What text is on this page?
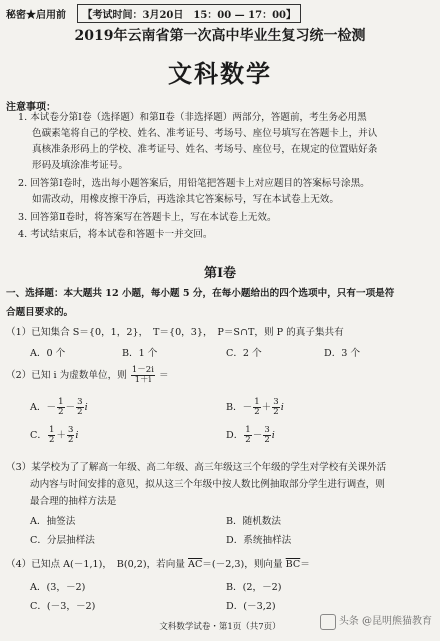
秘密★启用前 【考试时间：3月20日　15：00 — 17：00】
2019年云南省第一次高中毕业生复习统一检测
文科数学
注意事项：
1. 本试卷分第Ⅰ卷（选择题）和第Ⅱ卷（非选择题）两部分，答题前，考生务必用黑
色碳素笔将自己的学校、姓名、准考证号、考场号、座位号填写在答题卡上，并认
真核准条形码上的学校、准考证号、姓名、考场号、座位号，在规定的位置贴好条
形码及填涂准考证号。
2. 回答第Ⅰ卷时，选出每小题答案后，用铅笔把答题卡上对应题目的答案标号涂黑。
如需改动，用橡皮擦干净后，再选涂其它答案标号，写在本试卷上无效。
3. 回答第Ⅱ卷时，将答案写在答题卡上，写在本试卷上无效。
4. 考试结束后，将本试卷和答题卡一并交回。
第Ⅰ卷
一、选择题：本大题共 12 小题，每小题 5 分，在每小题给出的四个选项中，只有一项是符
合题目要求的。
（1）已知集合 S＝{0，1，2}，　T＝{0，3}，　P＝S∩T，则 P 的真子集共有
A．0 个	B．1 个	C．2 个	D．3 个
（2）已知 i 为虚数单位，则 $\frac{1-2i}{1+i}$ ＝
A．－ $\frac{1}{2} - \frac{3}{2}$ i	B．－ $\frac{1}{2} + \frac{3}{2}$ i
C． $\frac{1}{2} + \frac{3}{2}$ i	D． $\frac{1}{2} - \frac{3}{2}$ i
（3）某学校为了了解高一年级、高二年级、高三年级这三个年级的学生对学校有关课外活
动内容与时间安排的意见，拟从这三个年级中按人数比例抽取部分学生进行调查，则
最合理的抽样方法是
A．抽签法	B．随机数法
C．分层抽样法	D．系统抽样法
（4）已知点 A(－1,1)，　B(0,2)，若向量 $\overline{AC}=(-2,3)$，则向量 $\overline{BC}=$
A．(3，－2)	B．(2，－2)
C．(－3，－2)	D．(－3,2)
文科数学试卷・第1页（共7页）	头条 @昆明熊猫教育
